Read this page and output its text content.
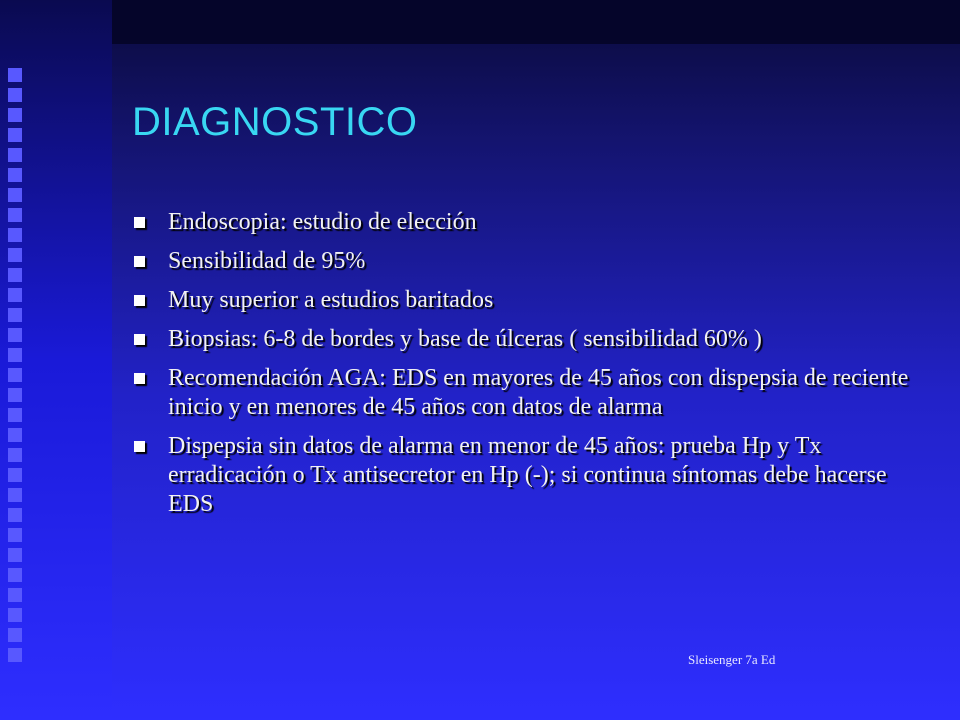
DIAGNOSTICO
Endoscopia: estudio de elección
Sensibilidad de 95%
Muy superior a estudios baritados
Biopsias: 6-8 de bordes y base de úlceras ( sensibilidad 60% )
Recomendación AGA: EDS en mayores de 45 años con dispepsia de reciente inicio y en menores de 45 años con datos de alarma
Dispepsia sin datos de alarma en menor de 45 años: prueba Hp y Tx erradicación o Tx antisecretor en Hp (-); si continua síntomas debe hacerse EDS
Sleisenger 7a Ed
